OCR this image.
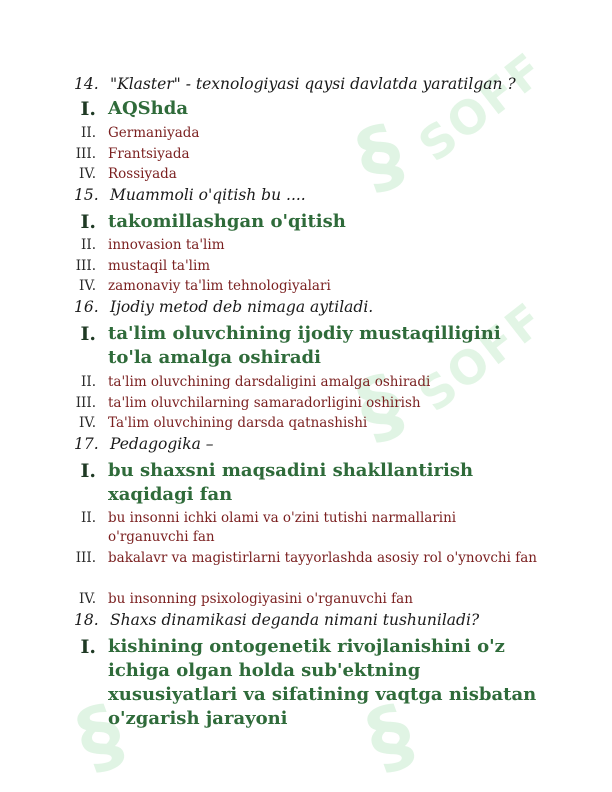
SOFF
SOFF
§
§
§	§
14. "Klaster" - texnologiyasi qaysi davlatda yaratilgan ?
I. AQShda
II. Germaniyada
III. Frantsiyada
IV. Rossiyada
15. Muammoli o'qitish bu ....
I. takomillashgan o'qitish
II. innovasion ta'lim
III. mustaqil ta'lim
IV. zamonaviy ta'lim tehnologiyalari
16. Ijodiy metod deb nimaga aytiladi.
I. ta'lim oluvchining ijodiy mustaqilligini to'la amalga oshiradi
II. ta'lim oluvchining darsdaligini amalga oshiradi
III. ta'lim oluvchilarning samaradorligini oshirish
IV. Ta'lim oluvchining darsda qatnashishi
17. Pedagogika –
I. bu shaxsni maqsadini shakllantirish xaqidagi fan
II. bu insonni ichki olami va o'zini tutishi narmallarini o'rganuvchi fan
III. bakalavr va magistirlarni tayyorlashda asosiy rol o'ynovchi fan
IV. bu insonning psixologiyasini o'rganuvchi fan
18. Shaxs dinamikasi deganda nimani tushuniladi?
I. kishining ontogenetik rivojlanishini o'z ichiga olgan holda sub'ektning xususiyatlari va sifatining vaqtga nisbatan o'zgarish jarayoni
